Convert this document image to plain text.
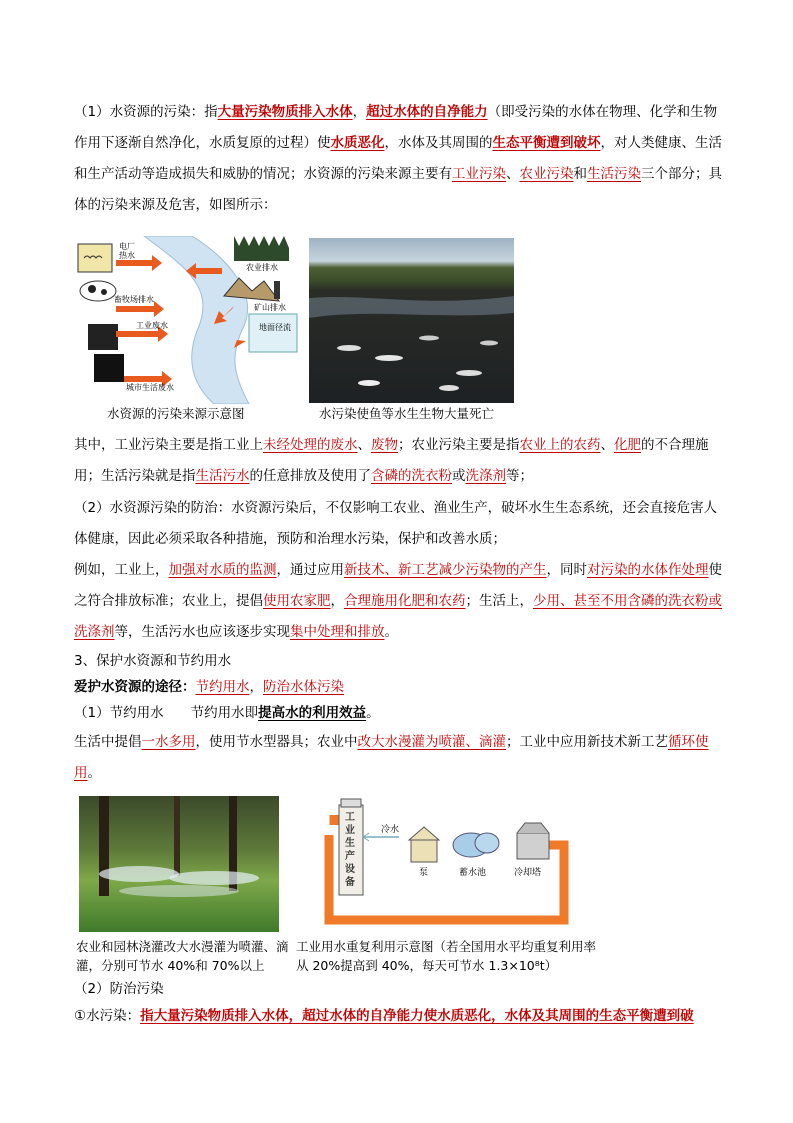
（1）水资源的污染：指大量污染物质排入水体，超过水体的自净能力（即受污染的水体在物理、化学和生物作用下逐渐自然净化，水质复原的过程）使水质恶化，水体及其周围的生态平衡遭到破坏，对人类健康、生活和生产活动等造成损失和威胁的情况；水资源的污染来源主要有工业污染、农业污染和生活污染三个部分；具体的污染来源及危害，如图所示：
电厂热水
农业排水
畜牧场排水
矿山排水
工业废水	地面径流
城市生活废水
水资源的污染来源示意图	水污染使鱼等水生生物大量死亡
其中，工业污染主要是指工业上未经处理的废水、废物；农业污染主要是指农业上的农药、化肥的不合理施用；生活污染就是指生活污水的任意排放及使用了含磷的洗衣粉或洗涤剂等；
（2）水资源污染的防治：水资源污染后，不仅影响工农业、渔业生产，破坏水生生态系统，还会直接危害人体健康，因此必须采取各种措施，预防和治理水污染，保护和改善水质；
例如，工业上，加强对水质的监测，通过应用新技术、新工艺减少污染物的产生，同时对污染的水体作处理使之符合排放标准；农业上，提倡使用农家肥，合理施用化肥和农药；生活上，少用、甚至不用含磷的洗衣粉或洗涤剂等，生活污水也应该逐步实现集中处理和排放。
3、保护水资源和节约用水
爱护水资源的途径：节约用水，防治水体污染
（1）节约用水　　节约用水即提高水的利用效益。
生活中提倡一水多用，使用节水型器具；农业中改大水漫灌为喷灌、滴灌；工业中应用新技术新工艺循环使用。
农业和园林浇灌改大水漫灌为喷灌、滴灌，分别可节水 40%和 70%以上
工业生产设备
冷水
泵	蓄水池	冷却塔
工业用水重复利用示意图（若全国用水平均重复利用率从 20%提高到 40%，每天可节水 1.3×10⁸t）
（2）防治污染
①水污染：指大量污染物质排入水体，超过水体的自净能力使水质恶化，水体及其周围的生态平衡遭到破
